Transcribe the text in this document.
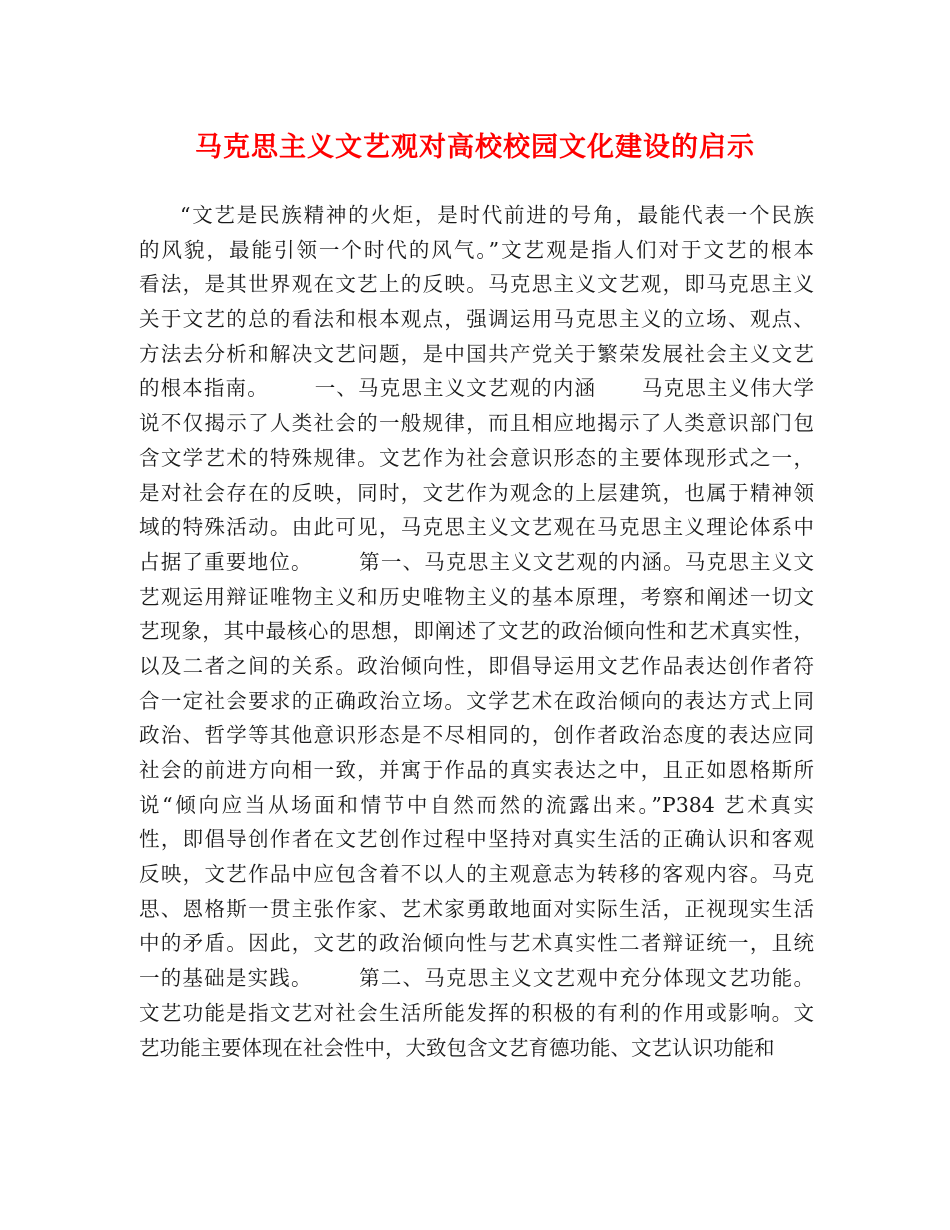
马克思主义文艺观对高校校园文化建设的启示
“文艺是民族精神的火炬，是时代前进的号角，最能代表一个民族
的风貌，最能引领一个时代的风气。”文艺观是指人们对于文艺的根本
看法，是其世界观在文艺上的反映。马克思主义文艺观，即马克思主义
关于文艺的总的看法和根本观点，强调运用马克思主义的立场、观点、
方法去分析和解决文艺问题，是中国共产党关于繁荣发展社会主义文艺
的根本指南。      一、马克思主义文艺观的内涵      马克思主义伟大学
说不仅揭示了人类社会的一般规律，而且相应地揭示了人类意识部门包
含文学艺术的特殊规律。文艺作为社会意识形态的主要体现形式之一，
是对社会存在的反映，同时，文艺作为观念的上层建筑，也属于精神领
域的特殊活动。由此可见，马克思主义文艺观在马克思主义理论体系中
占据了重要地位。      第一、马克思主义文艺观的内涵。马克思主义文
艺观运用辩证唯物主义和历史唯物主义的基本原理，考察和阐述一切文
艺现象，其中最核心的思想，即阐述了文艺的政治倾向性和艺术真实性，
以及二者之间的关系。政治倾向性，即倡导运用文艺作品表达创作者符
合一定社会要求的正确政治立场。文学艺术在政治倾向的表达方式上同
政治、哲学等其他意识形态是不尽相同的，创作者政治态度的表达应同
社会的前进方向相一致，并寓于作品的真实表达之中，且正如恩格斯所
说“倾向应当从场面和情节中自然而然的流露出来。”P384 艺术真实
性，即倡导创作者在文艺创作过程中坚持对真实生活的正确认识和客观
反映，文艺作品中应包含着不以人的主观意志为转移的客观内容。马克
思、恩格斯一贯主张作家、艺术家勇敢地面对实际生活，正视现实生活
中的矛盾。因此，文艺的政治倾向性与艺术真实性二者辩证统一，且统
一的基础是实践。      第二、马克思主义文艺观中充分体现文艺功能。
文艺功能是指文艺对社会生活所能发挥的积极的有利的作用或影响。文
艺功能主要体现在社会性中，大致包含文艺育德功能、文艺认识功能和
